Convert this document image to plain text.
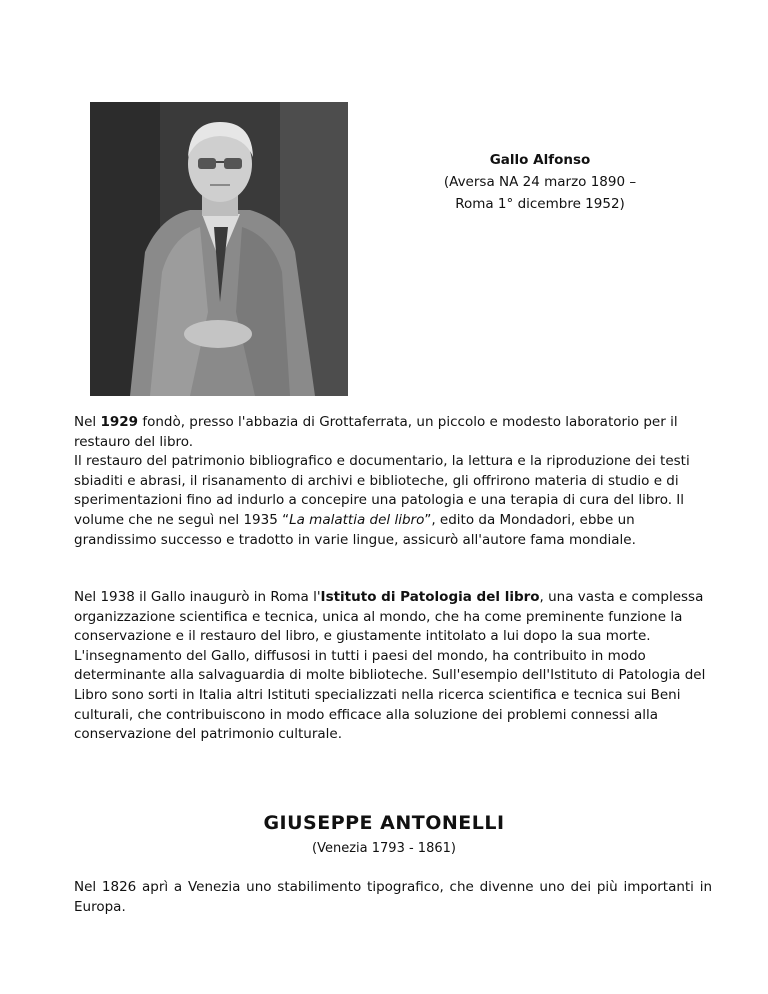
Gallo Alfonso
(Aversa NA 24 marzo 1890 –
Roma 1° dicembre 1952)

Nel 1929 fondò, presso l'abbazia di Grottaferrata, un piccolo e modesto laboratorio per il restauro del libro.

Il restauro del patrimonio bibliografico e documentario, la lettura e la riproduzione dei testi sbiaditi e abrasi, il risanamento di archivi e biblioteche, gli offrirono materia di studio e di sperimentazioni fino ad indurlo a concepire una patologia e una terapia di cura del libro. Il volume che ne seguì nel 1935 “La malattia del libro”, edito da Mondadori, ebbe un grandissimo successo e tradotto in varie lingue, assicurò all'autore fama mondiale.

Nel 1938 il Gallo inaugurò in Roma l'Istituto di Patologia del libro, una vasta e complessa organizzazione scientifica e tecnica, unica al mondo, che ha come preminente funzione la conservazione e il restauro del libro, e giustamente intitolato a lui dopo la sua morte.

L'insegnamento del Gallo, diffusosi in tutti i paesi del mondo, ha contribuito in modo determinante alla salvaguardia di molte biblioteche. Sull'esempio dell'Istituto di Patologia del Libro sono sorti in Italia altri Istituti specializzati nella ricerca scientifica e tecnica sui Beni culturali, che contribuiscono in modo efficace alla soluzione dei problemi connessi alla conservazione del patrimonio culturale.

GIUSEPPE ANTONELLI
(Venezia 1793 - 1861)

Nel 1826 aprì a Venezia uno stabilimento tipografico, che divenne uno dei più importanti in Europa.
